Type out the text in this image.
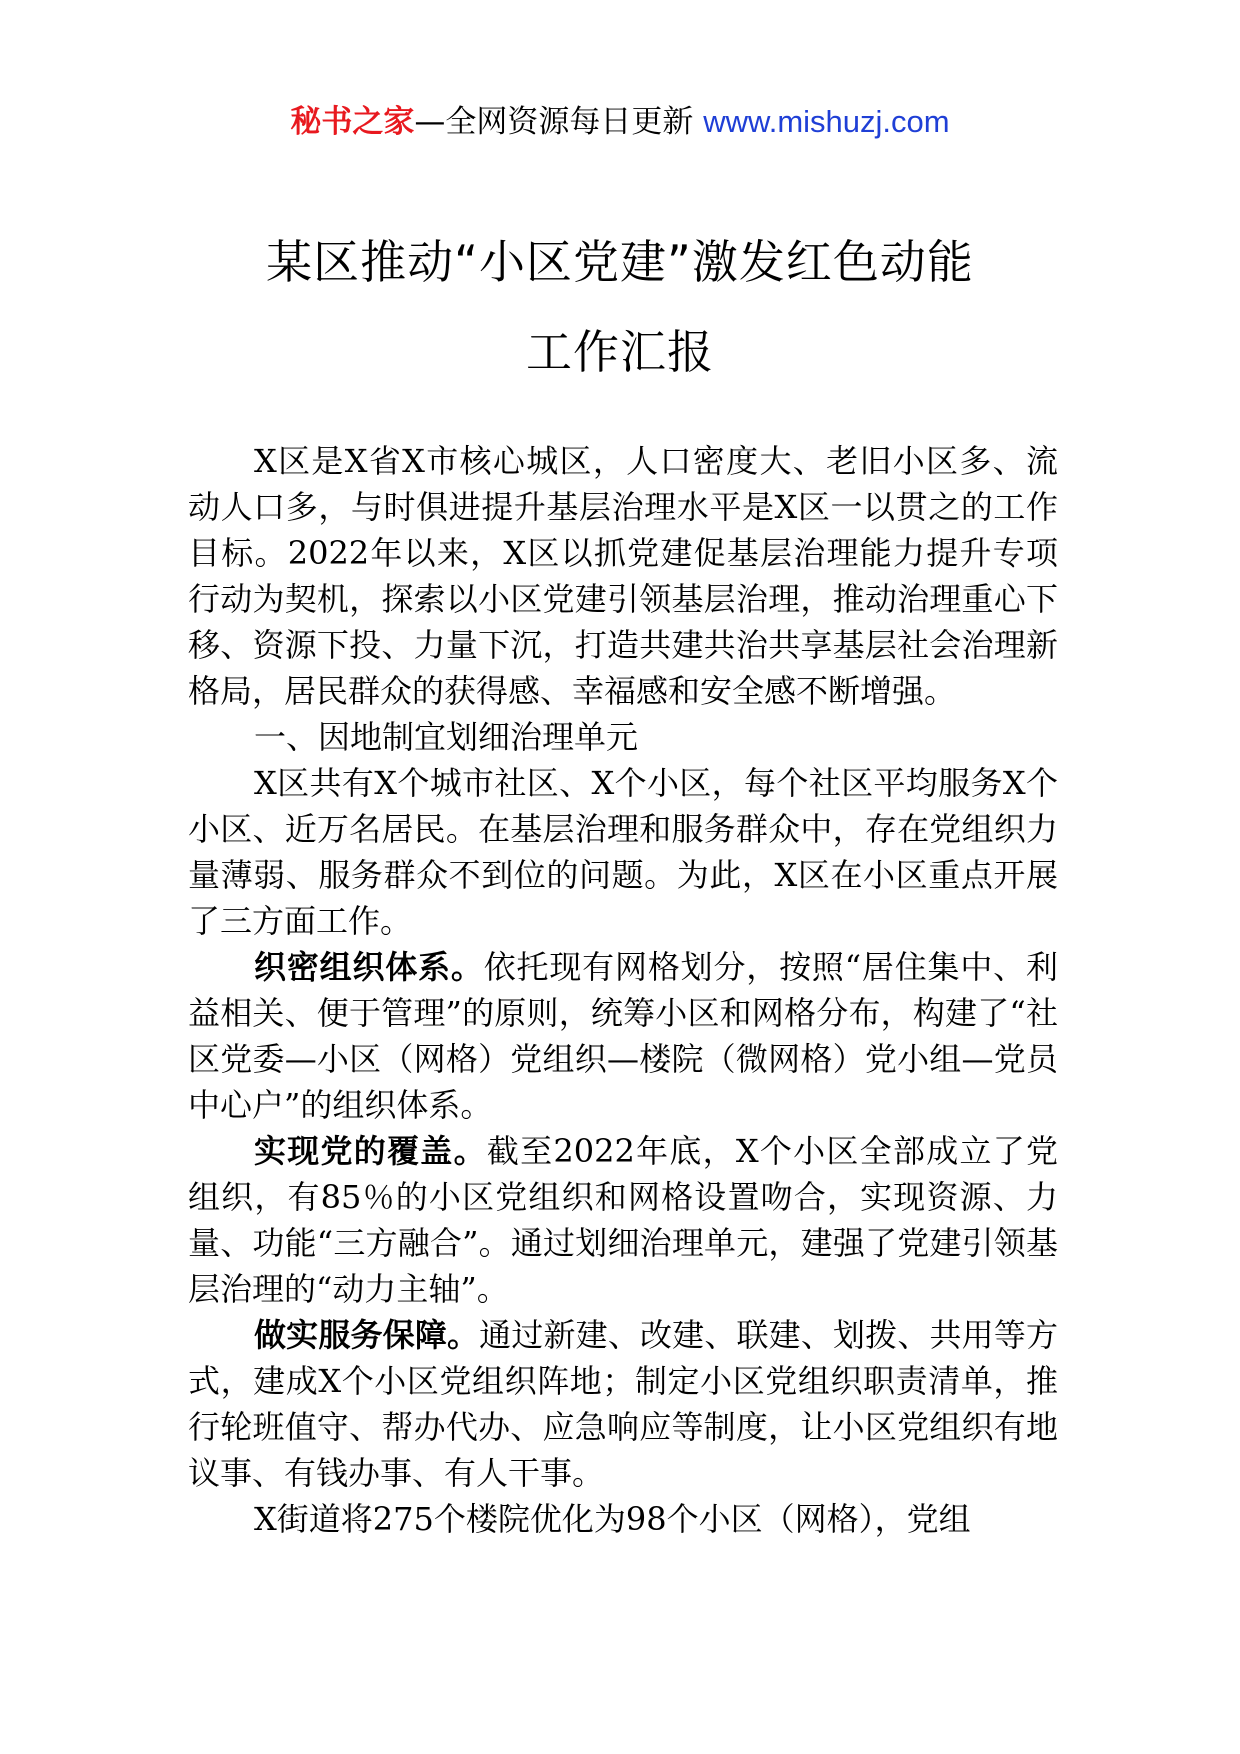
秘书之家—全网资源每日更新 www.mishuzj.com
某区推动“小区党建”激发红色动能
工作汇报

X区是X省X市核心城区，人口密度大、老旧小区多、流动人口多，与时俱进提升基层治理水平是X区一以贯之的工作目标。2022年以来，X区以抓党建促基层治理能力提升专项行动为契机，探索以小区党建引领基层治理，推动治理重心下移、资源下投、力量下沉，打造共建共治共享基层社会治理新格局，居民群众的获得感、幸福感和安全感不断增强。

一、因地制宜划细治理单元

X区共有X个城市社区、X个小区，每个社区平均服务X个小区、近万名居民。在基层治理和服务群众中，存在党组织力量薄弱、服务群众不到位的问题。为此，X区在小区重点开展了三方面工作。

织密组织体系。依托现有网格划分，按照“居住集中、利益相关、便于管理”的原则，统筹小区和网格分布，构建了“社区党委—小区（网格）党组织—楼院（微网格）党小组—党员中心户”的组织体系。

实现党的覆盖。截至2022年底，X个小区全部成立了党组织，有85％的小区党组织和网格设置吻合，实现资源、力量、功能“三方融合”。通过划细治理单元，建强了党建引领基层治理的“动力主轴”。

做实服务保障。通过新建、改建、联建、划拨、共用等方式，建成X个小区党组织阵地；制定小区党组织职责清单，推行轮班值守、帮办代办、应急响应等制度，让小区党组织有地议事、有钱办事、有人干事。

X街道将275个楼院优化为98个小区（网格），党组
